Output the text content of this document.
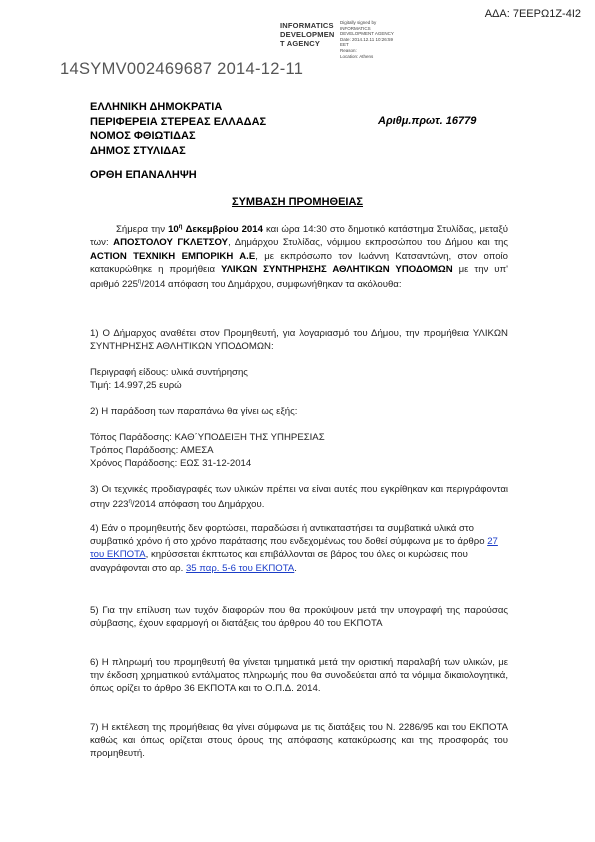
ΑΔΑ: 7ΕΕΡΩ1Ζ-4Ι2
INFORMATICS
DEVELOPMEN
T AGENCY
Digitally signed by
INFORMATICS
DEVELOPMENT AGENCY
Date: 2014.12.11 10:26:59
EET
Reason:
Location: Athens
14SYMV002469687 2014-12-11
ΕΛΛΗΝΙΚΗ ΔΗΜΟΚΡΑΤΙΑ
ΠΕΡΙΦΕΡΕΙΑ ΣΤΕΡΕΑΣ ΕΛΛΑΔΑΣ
ΝΟΜΟΣ ΦΘΙΩΤΙΔΑΣ
ΔΗΜΟΣ ΣΤΥΛΙΔΑΣ
Αριθμ.πρωτ. 16779
ΟΡΘΗ ΕΠΑΝΑΛΗΨΗ
ΣΥΜΒΑΣΗ ΠΡΟΜΗΘΕΙΑΣ
Σήμερα την $10^\eta$ Δεκεμβρίου 2014 και ώρα 14:30 στο δημοτικό κατάστημα Στυλίδας, μεταξύ των: ΑΠΟΣΤΟΛΟΥ ΓΚΛΕΤΣΟΥ, Δημάρχου Στυλίδας, νόμιμου εκπροσώπου του Δήμου και της ACTION ΤΕΧΝΙΚΗ ΕΜΠΟΡΙΚΗ Α.Ε, με εκπρόσωπο τον Ιωάννη Κατσαντώνη, στον οποίο κατακυρώθηκε η προμήθεια ΥΛΙΚΩΝ ΣΥΝΤΗΡΗΣΗΣ ΑΘΛΗΤΙΚΩΝ ΥΠΟΔΟΜΩΝ με την υπ' αριθμό $225^\eta/2014$ απόφαση του Δημάρχου, συμφωνήθηκαν τα ακόλουθα:
1) Ο Δήμαρχος αναθέτει στον Προμηθευτή, για λογαριασμό του Δήμου, την προμήθεια ΥΛΙΚΩΝ ΣΥΝΤΗΡΗΣΗΣ ΑΘΛΗΤΙΚΩΝ ΥΠΟΔΟΜΩΝ:
Περιγραφή είδους: υλικά συντήρησης
Τιμή: 14.997,25 ευρώ
2) Η παράδοση των παραπάνω θα γίνει ως εξής:
Τόπος Παράδοσης: ΚΑΘ΄ΥΠΟΔΕΙΞΗ ΤΗΣ ΥΠΗΡΕΣΙΑΣ
Τρόπος Παράδοσης: ΑΜΕΣΑ
Χρόνος Παράδοσης: ΕΩΣ 31-12-2014
3) Οι τεχνικές προδιαγραφές των υλικών πρέπει να είναι αυτές που εγκρίθηκαν και περιγράφονται στην $223^\eta/2014$ απόφαση του Δημάρχου.
4) Εάν ο προμηθευτής δεν φορτώσει, παραδώσει ή αντικαταστήσει τα συμβατικά υλικά στο συμβατικό χρόνο ή στο χρόνο παράτασης που ενδεχομένως του δοθεί σύμφωνα με το άρθρο 27 του ΕΚΠΟΤΑ, κηρύσσεται έκπτωτος και επιβάλλονται σε βάρος του όλες οι κυρώσεις που αναγράφονται στο αρ. 35 παρ. 5-6 του ΕΚΠΟΤΑ.
5) Για την επίλυση των τυχόν διαφορών που θα προκύψουν μετά την υπογραφή της παρούσας σύμβασης, έχουν εφαρμογή οι διατάξεις του άρθρου 40 του ΕΚΠΟΤΑ
6) Η πληρωμή του προμηθευτή θα γίνεται τμηματικά μετά την οριστική παραλαβή των υλικών, με την έκδοση χρηματικού εντάλματος πληρωμής που θα συνοδεύεται από τα νόμιμα δικαιολογητικά, όπως ορίζει το άρθρο 36 ΕΚΠΟΤΑ και το Ο.Π.Δ. 2014.
7) Η εκτέλεση της προμήθειας θα γίνει σύμφωνα με τις διατάξεις του Ν. 2286/95 και του ΕΚΠΟΤΑ καθώς και όπως ορίζεται στους όρους της απόφασης κατακύρωσης και της προσφοράς του προμηθευτή.
